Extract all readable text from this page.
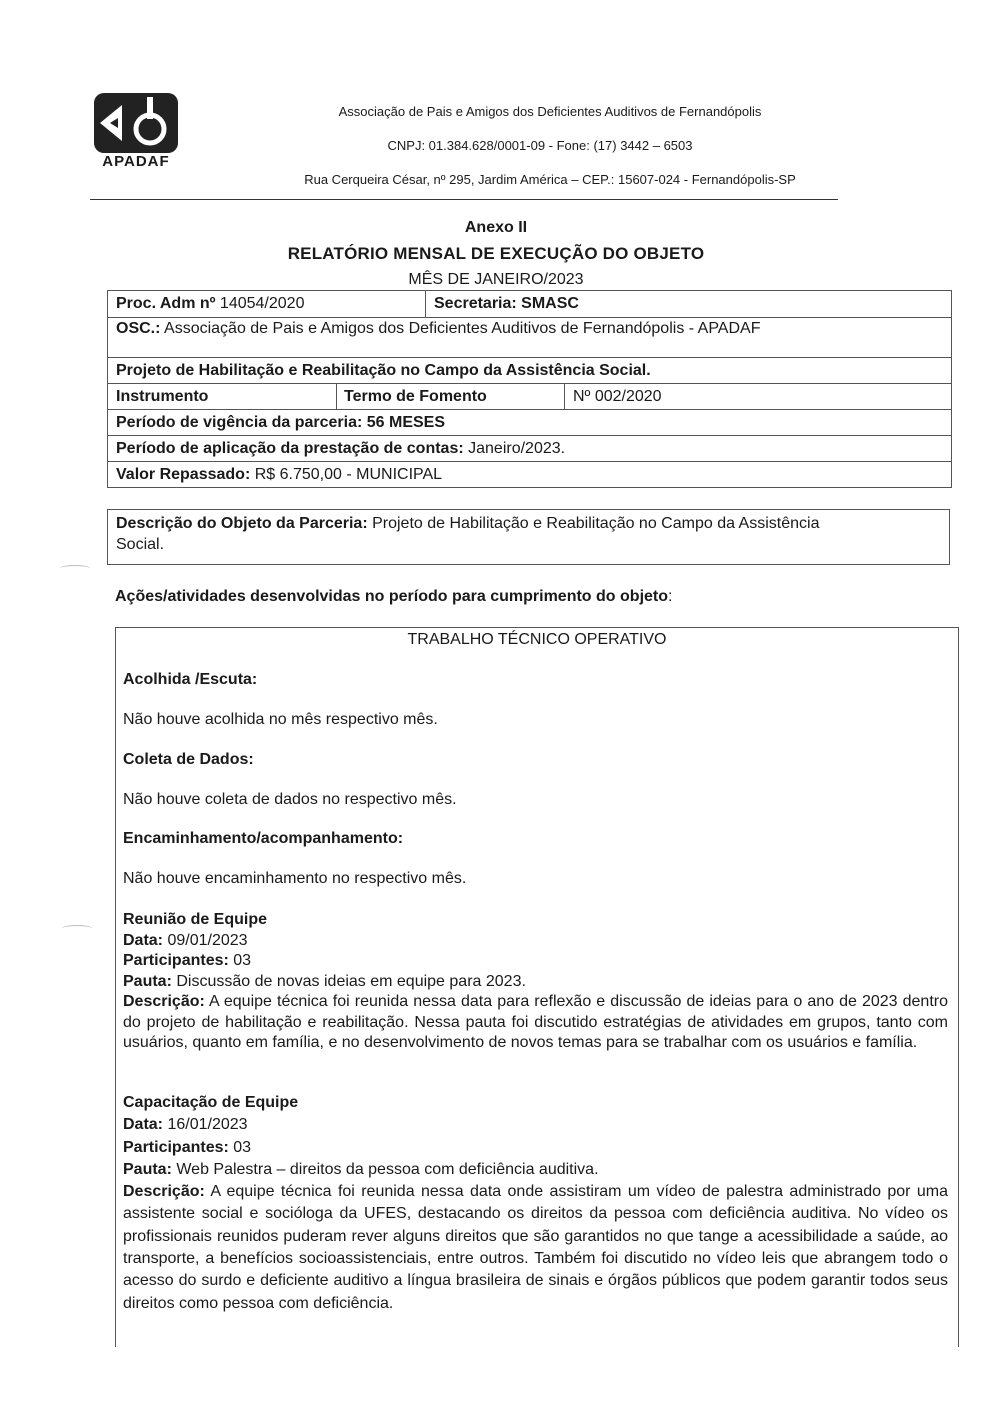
APADAF
Associação de Pais e Amigos dos Deficientes Auditivos de Fernandópolis
CNPJ: 01.384.628/0001-09 - Fone: (17) 3442 – 6503
Rua Cerqueira César, nº 295, Jardim América – CEP.: 15607-024 - Fernandópolis-SP
Anexo II
RELATÓRIO MENSAL DE EXECUÇÃO DO OBJETO
MÊS DE JANEIRO/2023
Proc. Adm nº 14054/2020	Secretaria: SMASC
OSC.: Associação de Pais e Amigos dos Deficientes Auditivos de Fernandópolis - APADAF
Projeto de Habilitação e Reabilitação no Campo da Assistência Social.
Instrumento	Termo de Fomento	Nº 002/2020
Período de vigência da parceria: 56 MESES
Período de aplicação da prestação de contas: Janeiro/2023.
Valor Repassado: R$ 6.750,00 - MUNICIPAL
Descrição do Objeto da Parceria: Projeto de Habilitação e Reabilitação no Campo da Assistência
Social.
Ações/atividades desenvolvidas no período para cumprimento do objeto:
TRABALHO TÉCNICO OPERATIVO
Acolhida /Escuta:
Não houve acolhida no mês respectivo mês.
Coleta de Dados:
Não houve coleta de dados no respectivo mês.
Encaminhamento/acompanhamento:
Não houve encaminhamento no respectivo mês.
Reunião de Equipe
Data: 09/01/2023
Participantes: 03
Pauta: Discussão de novas ideias em equipe para 2023.
Descrição: A equipe técnica foi reunida nessa data para reflexão e discussão de ideias para o ano de 2023 dentro do projeto de habilitação e reabilitação. Nessa pauta foi discutido estratégias de atividades em grupos, tanto com usuários, quanto em família, e no desenvolvimento de novos temas para se trabalhar com os usuários e família.
Capacitação de Equipe
Data: 16/01/2023
Participantes: 03
Pauta: Web Palestra – direitos da pessoa com deficiência auditiva.
Descrição: A equipe técnica foi reunida nessa data onde assistiram um vídeo de palestra administrado por uma assistente social e socióloga da UFES, destacando os direitos da pessoa com deficiência auditiva. No vídeo os profissionais reunidos puderam rever alguns direitos que são garantidos no que tange a acessibilidade a saúde, ao transporte, a benefícios socioassistenciais, entre outros. Também foi discutido no vídeo leis que abrangem todo o acesso do surdo e deficiente auditivo a língua brasileira de sinais e órgãos públicos que podem garantir todos seus direitos como pessoa com deficiência.
